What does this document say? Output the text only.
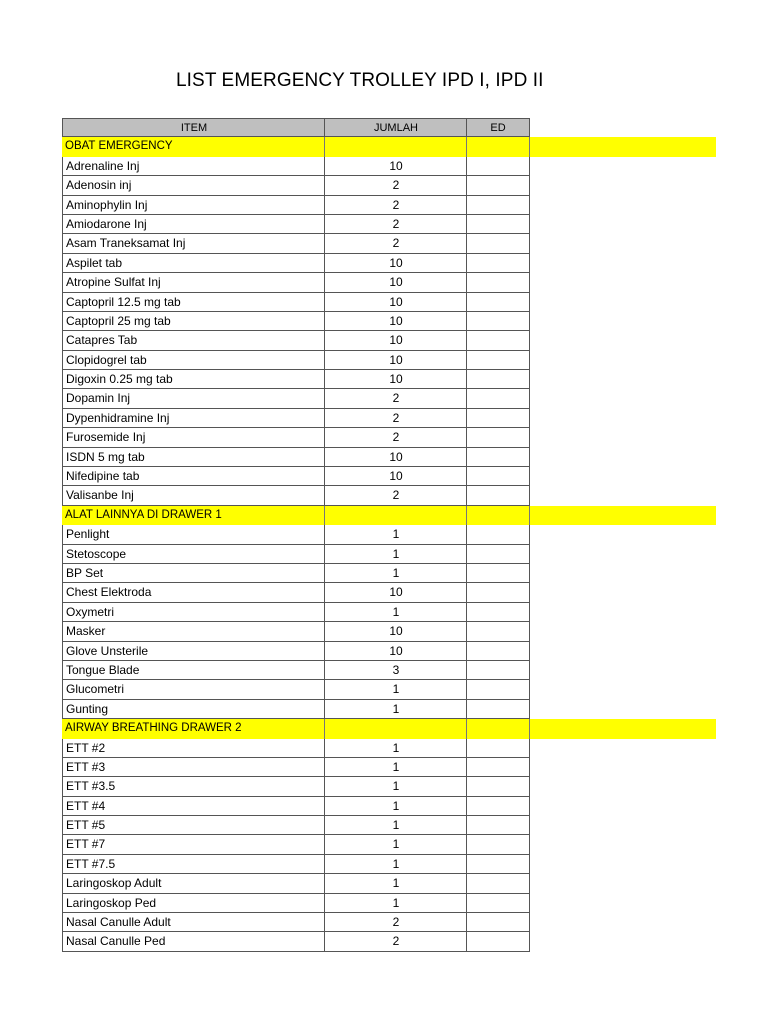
LIST EMERGENCY TROLLEY IPD I, IPD II
ITEM	JUMLAH	ED
OBAT EMERGENCY
Adrenaline Inj	10
Adenosin inj	2
Aminophylin Inj	2
Amiodarone Inj	2
Asam Traneksamat Inj	2
Aspilet tab	10
Atropine Sulfat Inj	10
Captopril 12.5 mg tab	10
Captopril 25 mg tab	10
Catapres Tab	10
Clopidogrel tab	10
Digoxin 0.25 mg tab	10
Dopamin Inj	2
Dypenhidramine Inj	2
Furosemide Inj	2
ISDN 5 mg tab	10
Nifedipine tab	10
Valisanbe Inj	2
ALAT LAINNYA DI DRAWER 1
Penlight	1
Stetoscope	1
BP Set	1
Chest Elektroda	10
Oxymetri	1
Masker	10
Glove Unsterile	10
Tongue Blade	3
Glucometri	1
Gunting	1
AIRWAY BREATHING DRAWER 2
ETT #2	1
ETT #3	1
ETT #3.5	1
ETT #4	1
ETT #5	1
ETT #7	1
ETT #7.5	1
Laringoskop Adult	1
Laringoskop Ped	1
Nasal Canulle Adult	2
Nasal Canulle Ped	2
